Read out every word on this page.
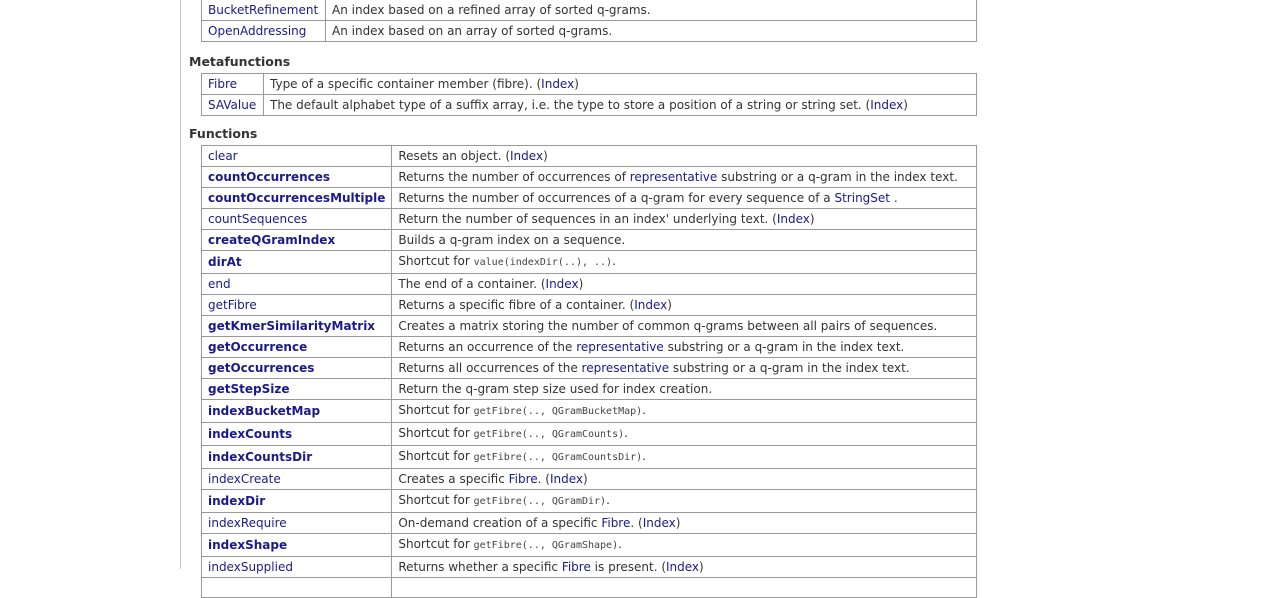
BucketRefinement	An index based on a refined array of sorted q-grams.
OpenAddressing	An index based on an array of sorted q-grams.
Metafunctions
Fibre	Type of a specific container member (fibre). (Index)
SAValue	The default alphabet type of a suffix array, i.e. the type to store a position of a string or string set. (Index)
Functions
clear	Resets an object. (Index)
countOccurrences	Returns the number of occurrences of representative substring or a q-gram in the index text.
countOccurrencesMultiple	Returns the number of occurrences of a q-gram for every sequence of a StringSet .
countSequences	Return the number of sequences in an index' underlying text. (Index)
createQGramIndex	Builds a q-gram index on a sequence.
dirAt	Shortcut for value(indexDir(..), ..).
end	The end of a container. (Index)
getFibre	Returns a specific fibre of a container. (Index)
getKmerSimilarityMatrix	Creates a matrix storing the number of common q-grams between all pairs of sequences.
getOccurrence	Returns an occurrence of the representative substring or a q-gram in the index text.
getOccurrences	Returns all occurrences of the representative substring or a q-gram in the index text.
getStepSize	Return the q-gram step size used for index creation.
indexBucketMap	Shortcut for getFibre(.., QGramBucketMap).
indexCounts	Shortcut for getFibre(.., QGramCounts).
indexCountsDir	Shortcut for getFibre(.., QGramCountsDir).
indexCreate	Creates a specific Fibre. (Index)
indexDir	Shortcut for getFibre(.., QGramDir).
indexRequire	On-demand creation of a specific Fibre. (Index)
indexShape	Shortcut for getFibre(.., QGramShape).
indexSupplied	Returns whether a specific Fibre is present. (Index)
